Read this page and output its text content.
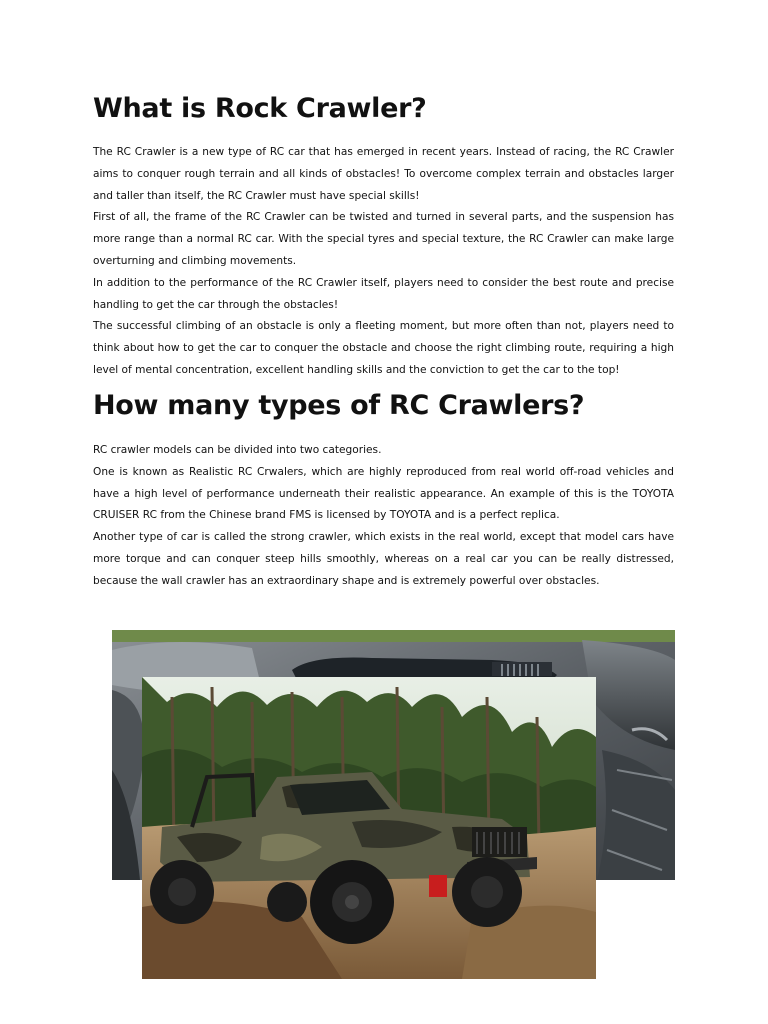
What is Rock Crawler?

The RC Crawler is a new type of RC car that has emerged in recent years. Instead of racing, the RC Crawler aims to conquer rough terrain and all kinds of obstacles! To overcome complex terrain and obstacles larger and taller than itself, the RC Crawler must have special skills!

First of all, the frame of the RC Crawler can be twisted and turned in several parts, and the suspension has more range than a normal RC car. With the special tyres and special texture, the RC Crawler can make large overturning and climbing movements.

In addition to the performance of the RC Crawler itself, players need to consider the best route and precise handling to get the car through the obstacles!

The successful climbing of an obstacle is only a fleeting moment, but more often than not, players need to think about how to get the car to conquer the obstacle and choose the right climbing route, requiring a high level of mental concentration, excellent handling skills and the conviction to get the car to the top!

How many types of RC Crawlers?

RC crawler models can be divided into two categories.

One is known as Realistic RC Crwalers, which are highly reproduced from real world off-road vehicles and have a high level of performance underneath their realistic appearance. An example of this is the TOYOTA CRUISER RC from the Chinese brand FMS is licensed by TOYOTA and is a perfect replica.

Another type of car is called the strong crawler, which exists in the real world, except that model cars have more torque and can conquer steep hills smoothly, whereas on a real car you can be really distressed, because the wall crawler has an extraordinary shape and is extremely powerful over obstacles.
